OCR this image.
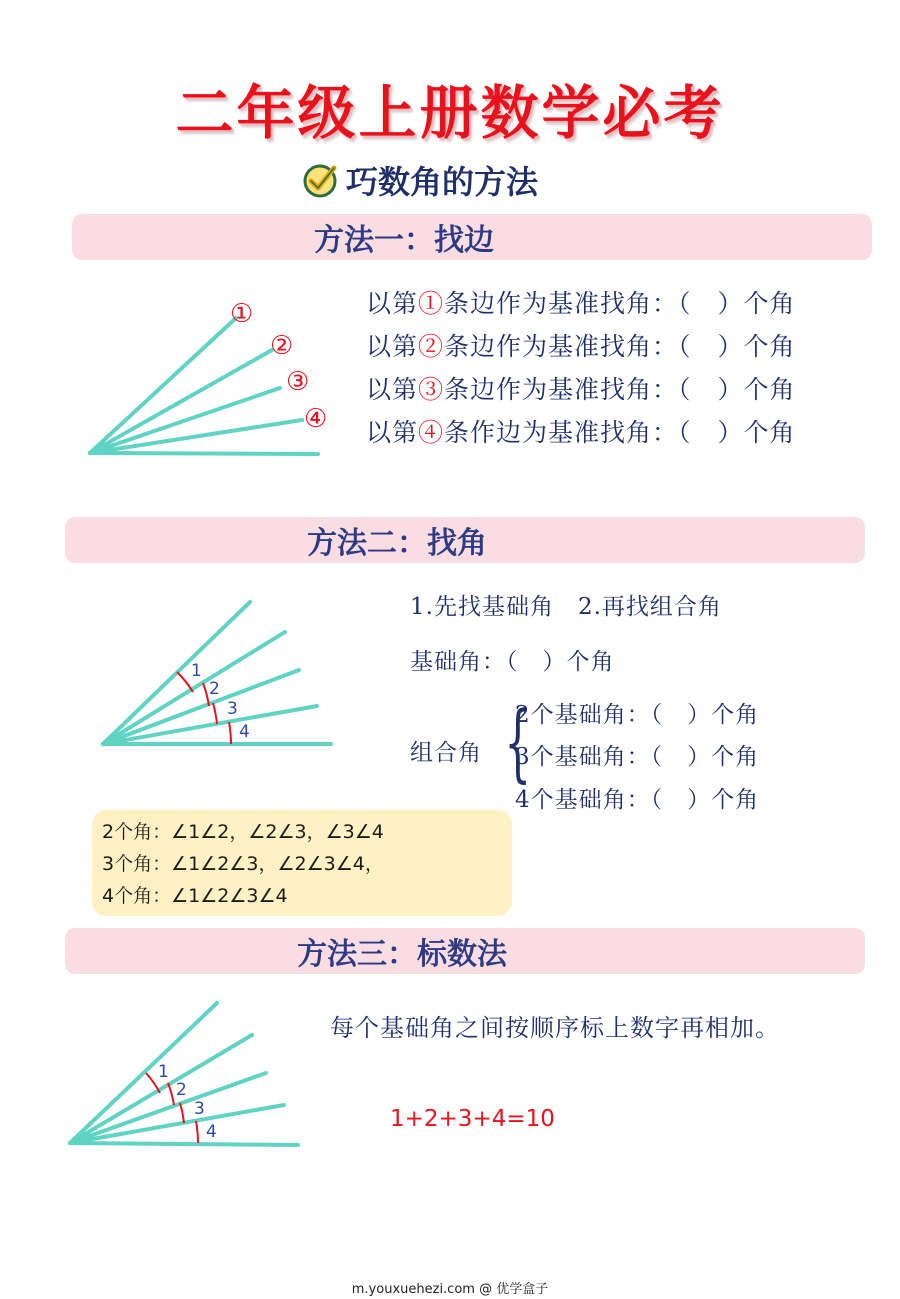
二年级上册数学必考
巧数角的方法
方法一：找边
①
②
③
④
以第①条边作为基准找角：（　）个角
以第②条边作为基准找角：（　）个角
以第③条边作为基准找角：（　）个角
以第④条作边为基准找角：（　）个角
方法二：找角
1
2
3
4
1.先找基础角　2.再找组合角
基础角：（　）个角
组合角 {
2个基础角：（　）个角
3个基础角：（　）个角
4个基础角：（　）个角
2个角：∠1∠2，∠2∠3，∠3∠4
3个角：∠1∠2∠3，∠2∠3∠4，
4个角：∠1∠2∠3∠4
方法三：标数法
1
2
3
4
每个基础角之间按顺序标上数字再相加。
1+2+3+4=10
m.youxuehezi.com @ 优学盒子
